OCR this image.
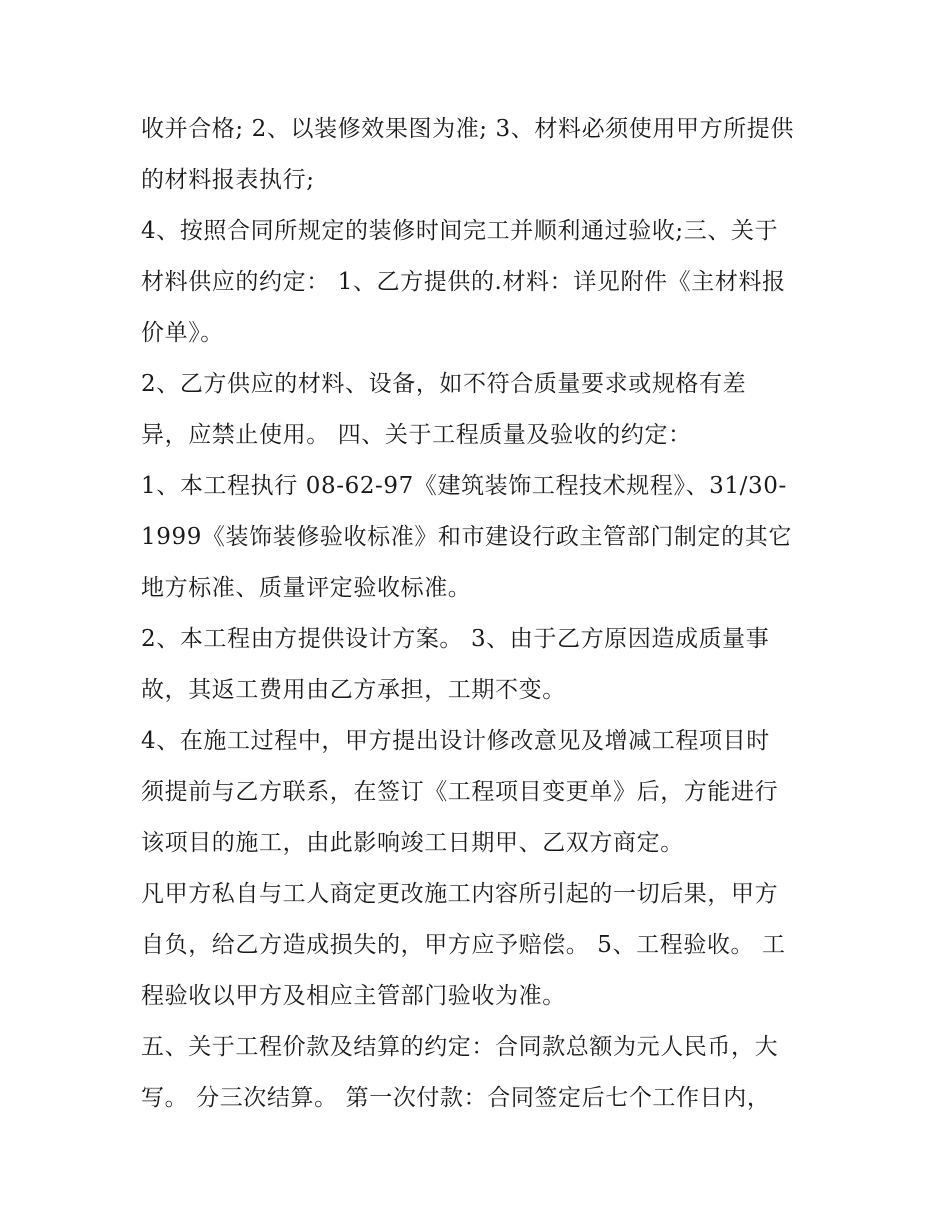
收并合格; 2、以装修效果图为准; 3、材料必须使用甲方所提供
的材料报表执行;

4、按照合同所规定的装修时间完工并顺利通过验收;三、关于
材料供应的约定： 1、乙方提供的.材料：详见附件《主材料报
价单》。

2、乙方供应的材料、设备，如不符合质量要求或规格有差
异，应禁止使用。 四、关于工程质量及验收的约定：

1、本工程执行 08-62-97《建筑装饰工程技术规程》、31/30-
1999《装饰装修验收标准》和市建设行政主管部门制定的其它
地方标准、质量评定验收标准。

2、本工程由方提供设计方案。 3、由于乙方原因造成质量事
故，其返工费用由乙方承担，工期不变。

4、在施工过程中，甲方提出设计修改意见及增减工程项目时
须提前与乙方联系，在签订《工程项目变更单》后，方能进行
该项目的施工，由此影响竣工日期甲、乙双方商定。

凡甲方私自与工人商定更改施工内容所引起的一切后果，甲方
自负，给乙方造成损失的，甲方应予赔偿。 5、工程验收。 工
程验收以甲方及相应主管部门验收为准。

五、关于工程价款及结算的约定：合同款总额为元人民币，大
写。 分三次结算。 第一次付款：合同签定后七个工作日内，
